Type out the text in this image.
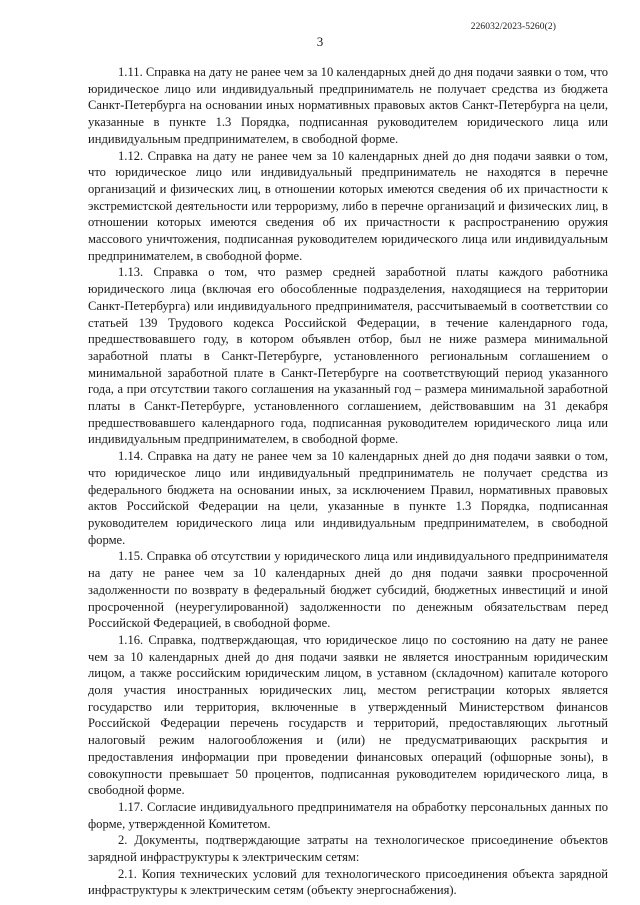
226032/2023-5260(2)
3

1.11. Справка на дату не ранее чем за 10 календарных дней до дня подачи заявки о том, что юридическое лицо или индивидуальный предприниматель не получает средства из бюджета Санкт-Петербурга на основании иных нормативных правовых актов Санкт-Петербурга на цели, указанные в пункте 1.3 Порядка, подписанная руководителем юридического лица или индивидуальным предпринимателем, в свободной форме.

1.12. Справка на дату не ранее чем за 10 календарных дней до дня подачи заявки о том, что юридическое лицо или индивидуальный предприниматель не находятся в перечне организаций и физических лиц, в отношении которых имеются сведения об их причастности к экстремистской деятельности или терроризму, либо в перечне организаций и физических лиц, в отношении которых имеются сведения об их причастности к распространению оружия массового уничтожения, подписанная руководителем юридического лица или индивидуальным предпринимателем, в свободной форме.

1.13. Справка о том, что размер средней заработной платы каждого работника юридического лица (включая его обособленные подразделения, находящиеся на территории Санкт-Петербурга) или индивидуального предпринимателя, рассчитываемый в соответствии со статьей 139 Трудового кодекса Российской Федерации, в течение календарного года, предшествовавшего году, в котором объявлен отбор, был не ниже размера минимальной заработной платы в Санкт-Петербурге, установленного региональным соглашением о минимальной заработной плате в Санкт-Петербурге на соответствующий период указанного года, а при отсутствии такого соглашения на указанный год – размера минимальной заработной платы в Санкт-Петербурге, установленного соглашением, действовавшим на 31 декабря предшествовавшего календарного года, подписанная руководителем юридического лица или индивидуальным предпринимателем, в свободной форме.

1.14. Справка на дату не ранее чем за 10 календарных дней до дня подачи заявки о том, что юридическое лицо или индивидуальный предприниматель не получает средства из федерального бюджета на основании иных, за исключением Правил, нормативных правовых актов Российской Федерации на цели, указанные в пункте 1.3 Порядка, подписанная руководителем юридического лица или индивидуальным предпринимателем, в свободной форме.

1.15. Справка об отсутствии у юридического лица или индивидуального предпринимателя на дату не ранее чем за 10 календарных дней до дня подачи заявки просроченной задолженности по возврату в федеральный бюджет субсидий, бюджетных инвестиций и иной просроченной (неурегулированной) задолженности по денежным обязательствам перед Российской Федерацией, в свободной форме.

1.16. Справка, подтверждающая, что юридическое лицо по состоянию на дату не ранее чем за 10 календарных дней до дня подачи заявки не является иностранным юридическим лицом, а также российским юридическим лицом, в уставном (складочном) капитале которого доля участия иностранных юридических лиц, местом регистрации которых является государство или территория, включенные в утвержденный Министерством финансов Российской Федерации перечень государств и территорий, предоставляющих льготный налоговый режим налогообложения и (или) не предусматривающих раскрытия и предоставления информации при проведении финансовых операций (офшорные зоны), в совокупности превышает 50 процентов, подписанная руководителем юридического лица, в свободной форме.

1.17. Согласие индивидуального предпринимателя на обработку персональных данных по форме, утвержденной Комитетом.

2. Документы, подтверждающие затраты на технологическое присоединение объектов зарядной инфраструктуры к электрическим сетям:

2.1. Копия технических условий для технологического присоединения объекта зарядной инфраструктуры к электрическим сетям (объекту энергоснабжения).
